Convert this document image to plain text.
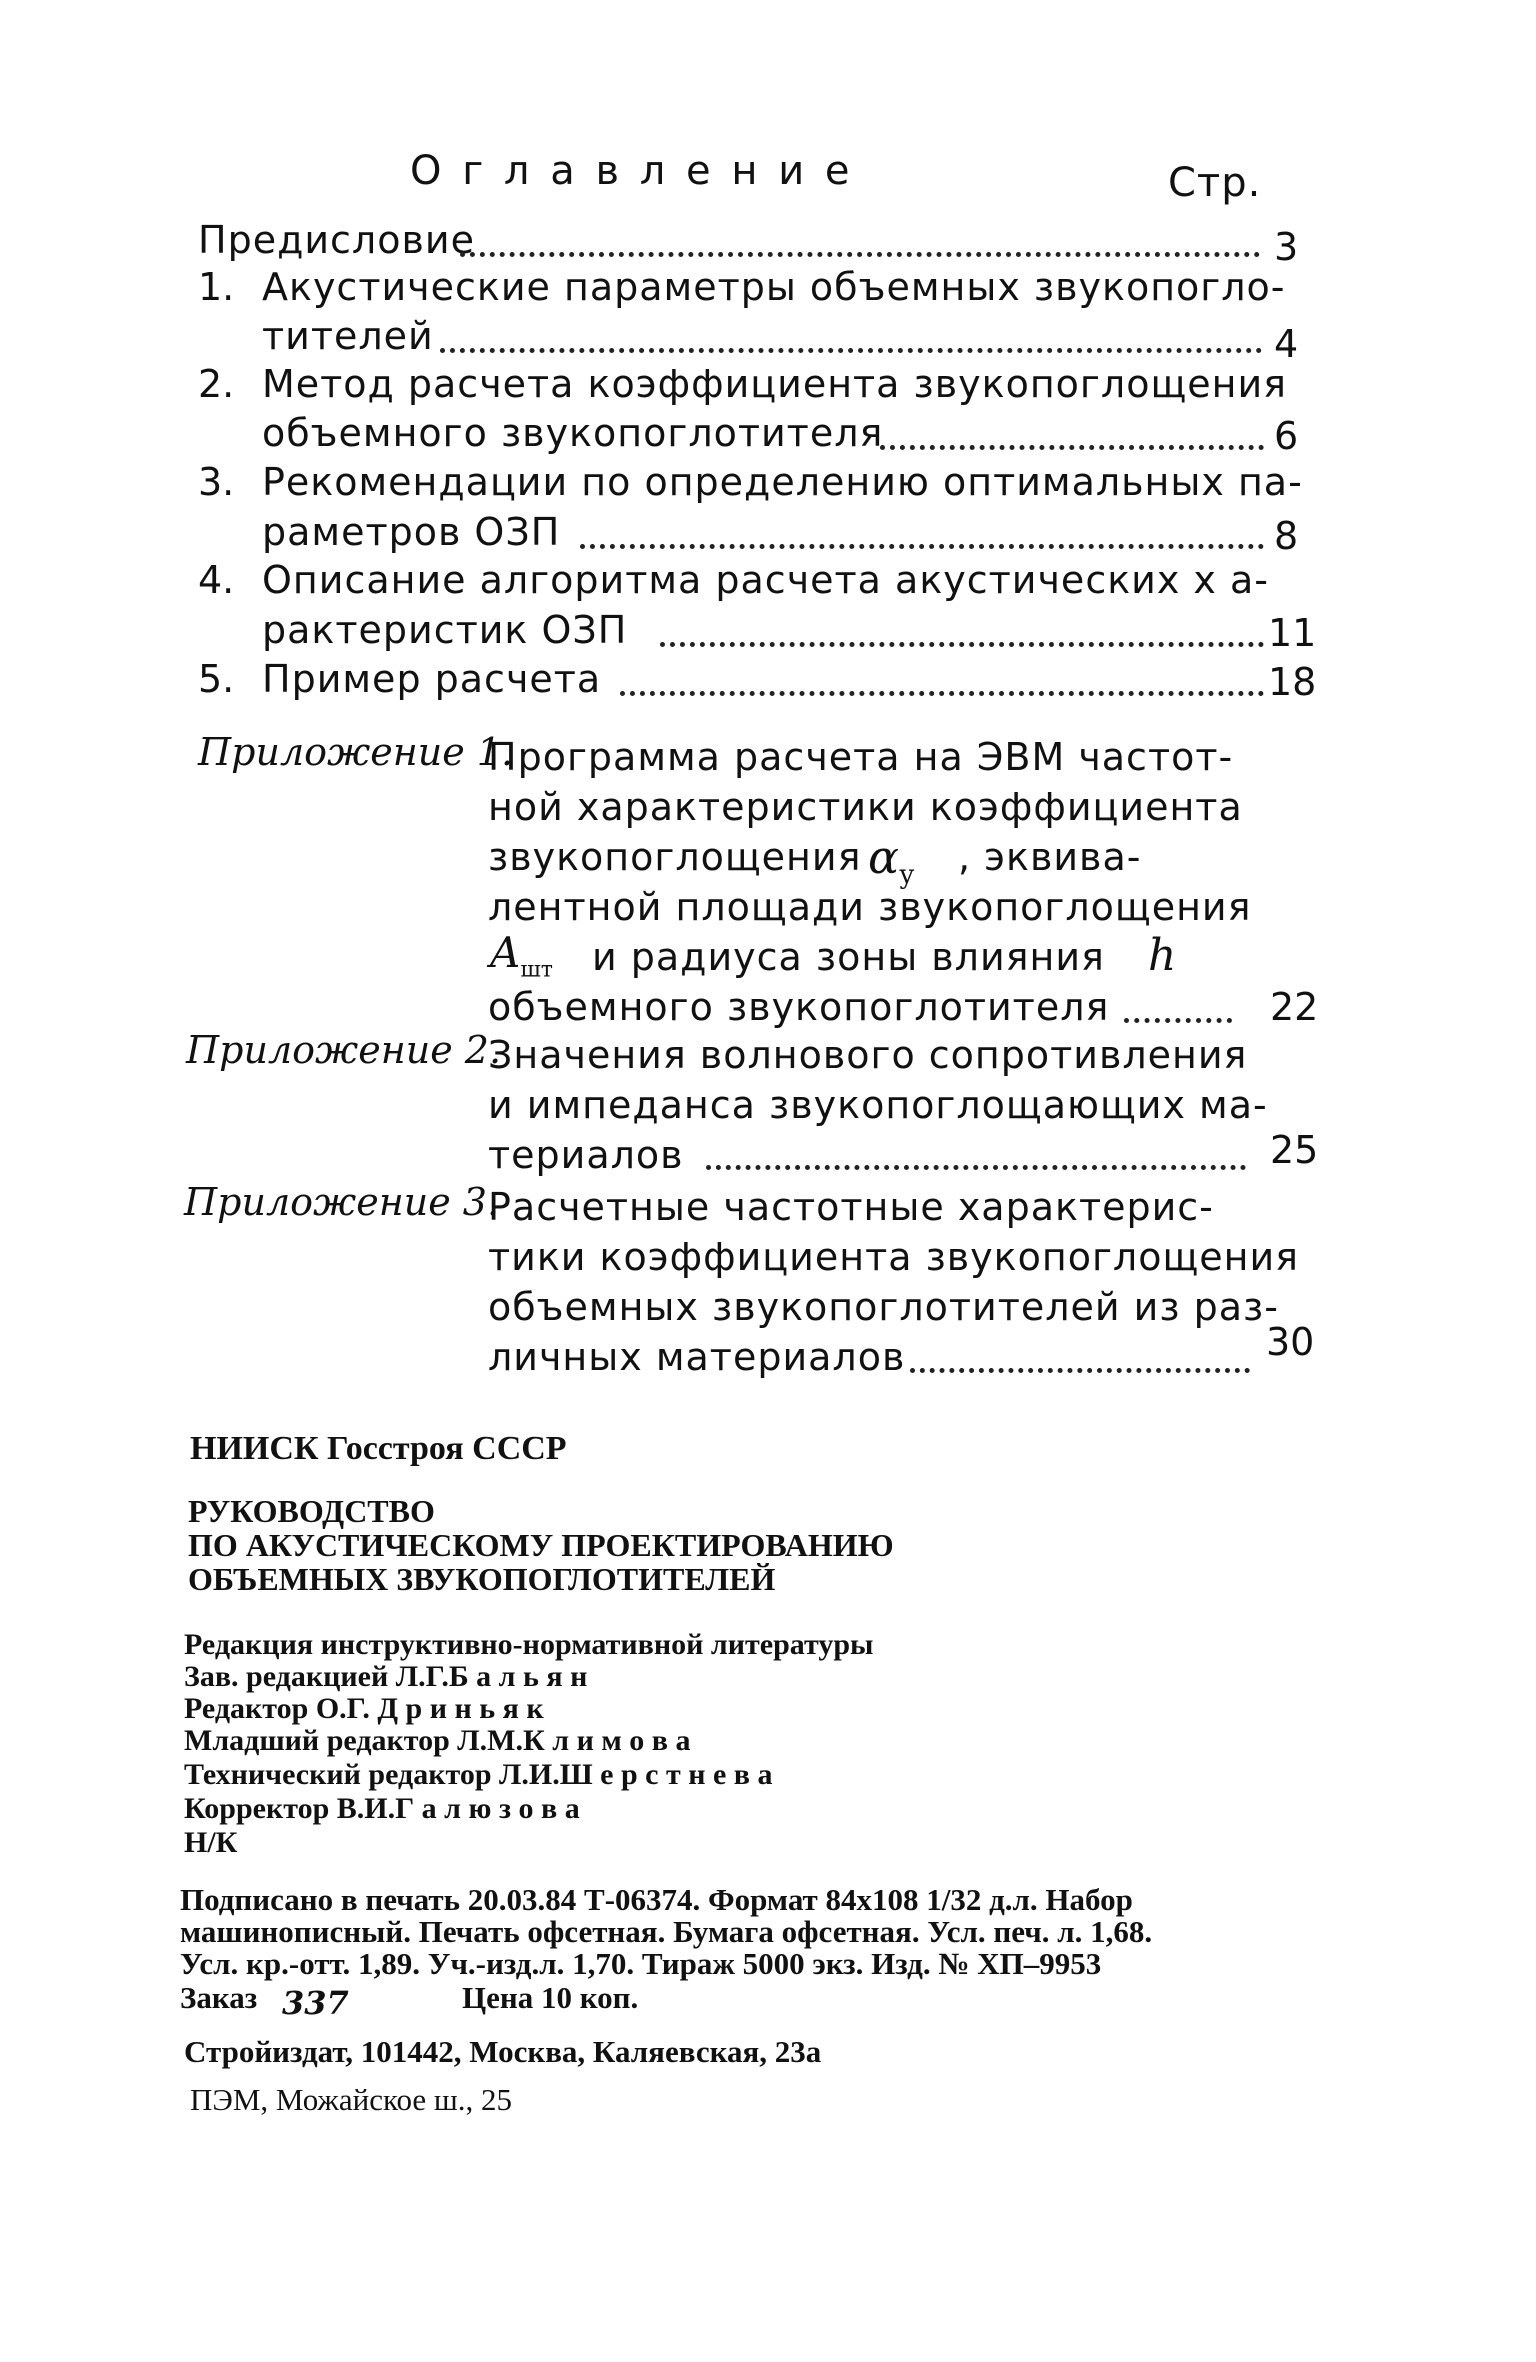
О г л а в л е н и е	Стр.
Предисловие	3
1. Акустические параметры объемных звукопогло-
тителей	4
2. Метод расчета коэффициента звукопоглощения
объемного звукопоглотителя	6
3. Рекомендации по определению оптимальных па-
раметров ОЗП	8
4. Описание алгоритма расчета акустических х а-
рактеристик ОЗП	11
5. Пример расчета	18
Приложение 1.
Программа расчета на ЭВМ частот-
ной характеристики коэффициента
звукопоглощения $\alpha_у$ , эквива-
лентной площади звукопоглощения
$A_{шт}$ и радиуса зоны влияния h
объемного звукопоглотителя	22
Приложение 2.
Значения волнового сопротивления
и импеданса звукопоглощающих ма-
териалов	25
Приложение 3.
Расчетные частотные характерис-
тики коэффициента звукопоглощения
объемных звукопоглотителей из раз-
личных материалов	30
НИИСК Госстроя СССР
РУКОВОДСТВО
ПО АКУСТИЧЕСКОМУ ПРОЕКТИРОВАНИЮ
ОБЪЕМНЫХ ЗВУКОПОГЛОТИТЕЛЕЙ
Редакция инструктивно-нормативной литературы
Зав. редакцией Л.Г.Б а л ь я н
Редактор О.Г. Д р и н ь я к
Младший редактор Л.М.К л и м о в а
Технический редактор Л.И.Ш е р с т н е в а
Корректор В.И.Г а л ю з о в а
Н/К
Подписано в печать 20.03.84 Т-06374. Формат 84х108 1/32 д.л. Набор
машинописный. Печать офсетная. Бумага офсетная. Усл. печ. л. 1,68.
Усл. кр.-отт. 1,89. Уч.-изд.л. 1,70. Тираж 5000 экз. Изд. № ХП–9953
Заказ 337	Цена 10 коп.
Стройиздат, 101442, Москва, Каляевская, 23а
ПЭМ, Можайское ш., 25
